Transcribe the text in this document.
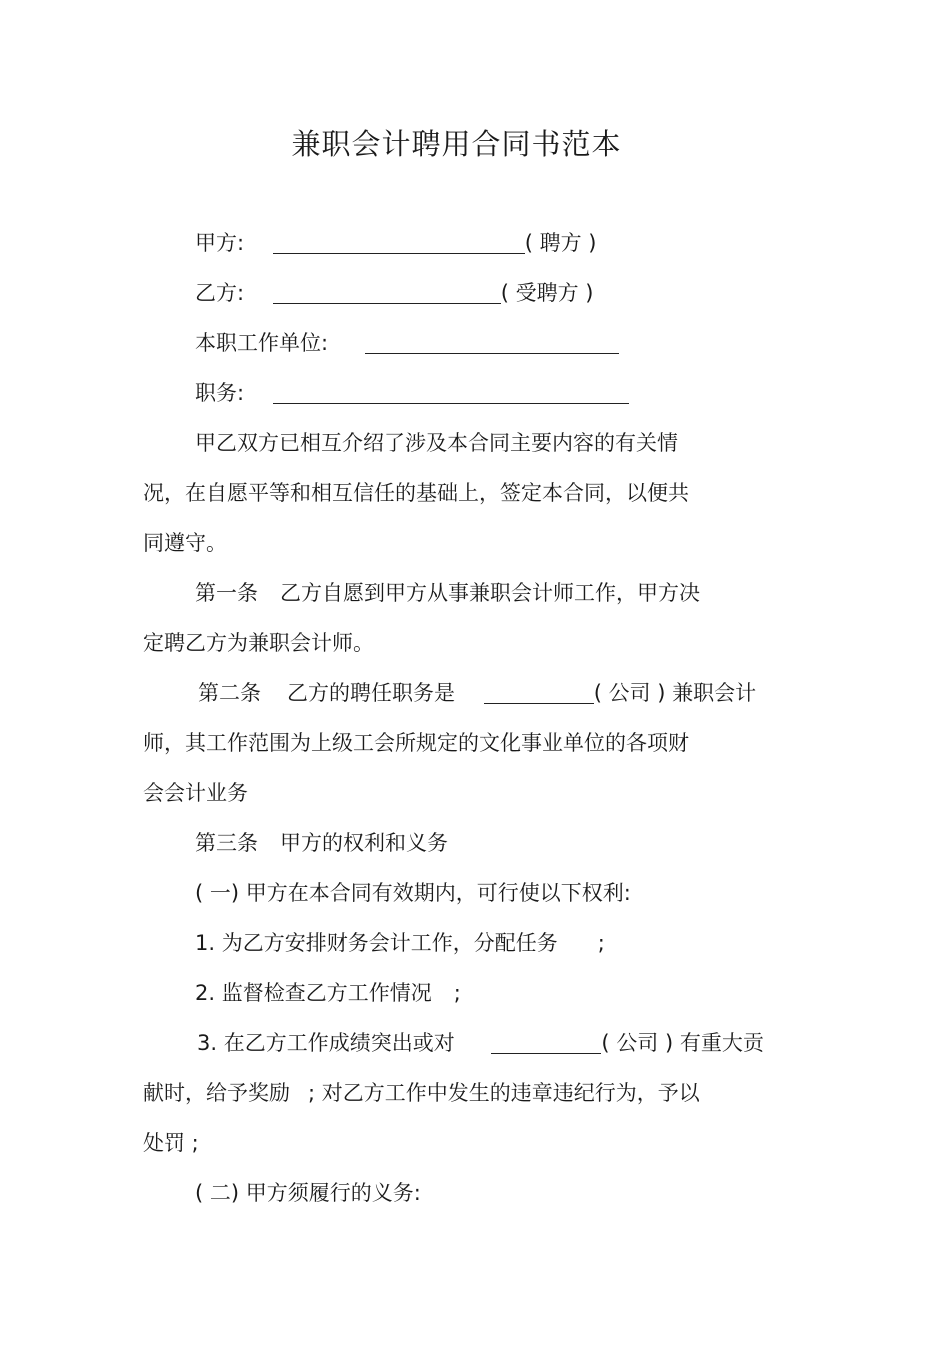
兼职会计聘用合同书范本
甲方:	( 聘方 )
乙方:	( 受聘方 )
本职工作单位:
职务:
甲乙双方已相互介绍了涉及本合同主要内容的有关情
况，在自愿平等和相互信任的基础上，签定本合同，以便共
同遵守。
第一条 乙方自愿到甲方从事兼职会计师工作，甲方决
定聘乙方为兼职会计师。
第二条 乙方的聘任职务是	( 公司 ) 兼职会计
师，其工作范围为上级工会所规定的文化事业单位的各项财
会会计业务
第三条 甲方的权利和义务
( 一) 甲方在本合同有效期内，可行使以下权利:
1. 为乙方安排财务会计工作，分配任务 ;
2. 监督检查乙方工作情况 ;
3. 在乙方工作成绩突出或对	( 公司 ) 有重大贡
献时，给予奖励 ; 对乙方工作中发生的违章违纪行为，予以
处罚 ;
( 二) 甲方须履行的义务:
